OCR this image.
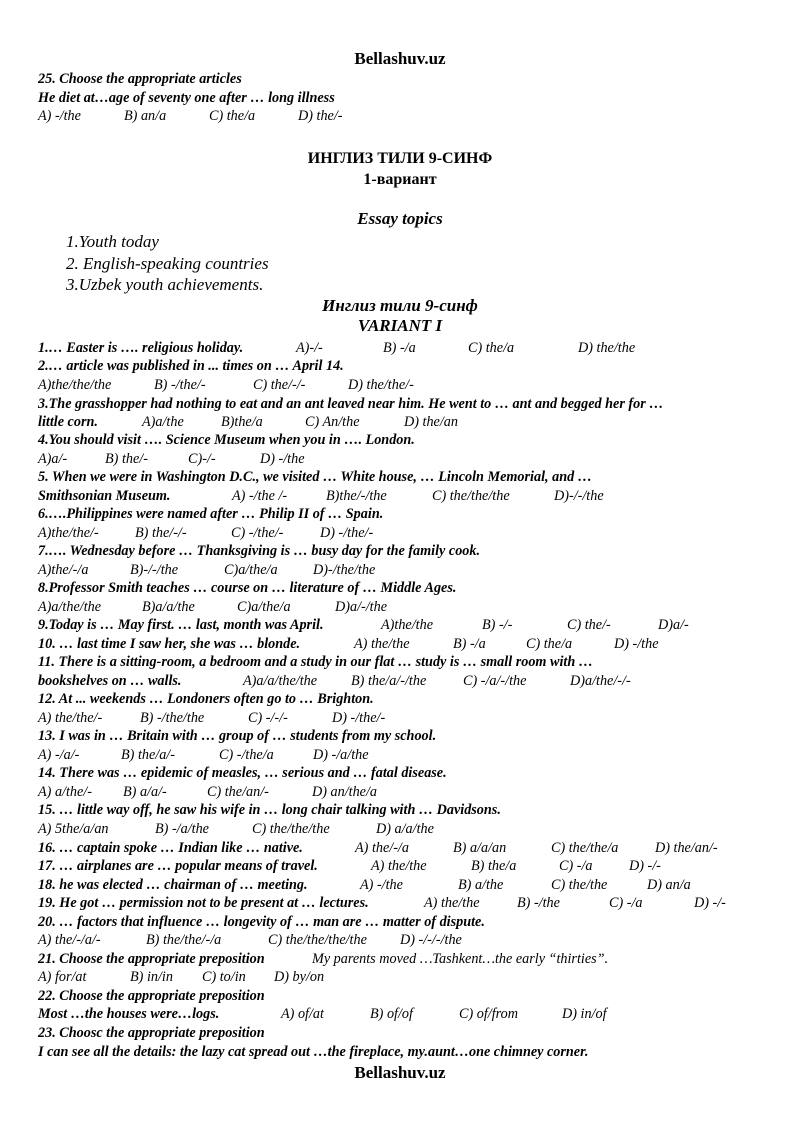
Bellashuv.uz
25. Choose the appropriate articles
He diet at…age of seventy one after … long illness
A) -/the	B) an/a	C) the/a	D) the/-
ИНГЛИЗ ТИЛИ 9-СИНФ
1-вариант
Essay topics
1.Youth today
2. English-speaking countries
3.Uzbek youth achievements.
Инглиз тили 9-синф
VARIANT I
1.… Easter is …. religious holiday.	A)-/-	B) -/a	C) the/a	D) the/the
2.… article was published in ... times on … April 14.
A)the/the/the	B) -/the/-	C) the/-/-	D) the/the/-
3.The grasshopper had nothing to eat and an ant leaved near him. He went to … ant and begged her for …
little corn.	A)a/the	B)the/a	C) An/the	D) the/an
4.You should visit …. Science Museum when you in …. London.
A)a/-	B) the/-	C)-/-	D) -/the
5. When we were in Washington D.C., we visited … White house, … Lincoln Memorial, and …
Smithsonian Museum.	A) -/the /-	B)the/-/the	C) the/the/the	D)-/-/the
6.….Philippines were named after … Philip II of … Spain.
A)the/the/-	B) the/-/-	C) -/the/-	D) -/the/-
7.…. Wednesday before … Thanksgiving is … busy day for the family cook.
A)the/-/a	B)-/-/the	C)a/the/a D)-/the/the
8.Professor Smith teaches … course on … literature of … Middle Ages.
A)a/the/the	B)a/a/the	C)a/the/a	D)a/-/the
9.Today is … May first. … last, month was April.	A)the/the	B) -/-	C) the/-	D)a/-
10. … last time I saw her, she was … blonde.	A) the/the	B) -/a	C) the/a	D) -/the
11. There is a sitting-room, a bedroom and a study in our flat … study is … small room with …
bookshelves on … walls.	A)a/a/the/the B) the/a/-/the	C) -/a/-/the	D)a/the/-/-
12. At ... weekends … Londoners often go to … Brighton.
A) the/the/-	B) -/the/the	C) -/-/-	D) -/the/-
13. I was in … Britain with … group of … students from my school.
A) -/a/-	B) the/a/-	C) -/the/a	D) -/a/the
14. There was … epidemic of measles, … serious and … fatal disease.
A) a/the/- B) a/a/-	C) the/an/-	D) an/the/a
15. … little way off, he saw his wife in … long chair talking with … Davidsons.
A) 5the/a/an	B) -/a/the	C) the/the/the	D) a/a/the
16. … captain spoke … Indian like … native.	A) the/-/a	B) a/a/an	C) the/the/a	D) the/an/-
17. … airplanes are … popular means of travel.	A) the/the	B) the/a	C) -/a	D) -/-
18. he was elected … chairman of … meeting.	A) -/the	B) a/the	C) the/the	D) an/a
19. He got … permission not to be present at … lectures.	A) the/the	B) -/the	C) -/a	D) -/-
20. … factors that influence … longevity of … man are … matter of dispute.
A) the/-/a/-	B) the/the/-/a	C) the/the/the/the D) -/-/-/the
21. Choose the appropriate preposition	My parents moved …Tashkent…the early “thirties”.
A) for/at	B) in/in C) to/in D) by/on
22. Choose the appropriate preposition
Most …the houses were…logs.	A) of/at	B) of/of	C) of/from	D) in/of
23. Choosc the appropriate preposition
I can see all the details: the lazy cat spread out …the fireplace, my.aunt…one chimney corner.
Bellashuv.uz
